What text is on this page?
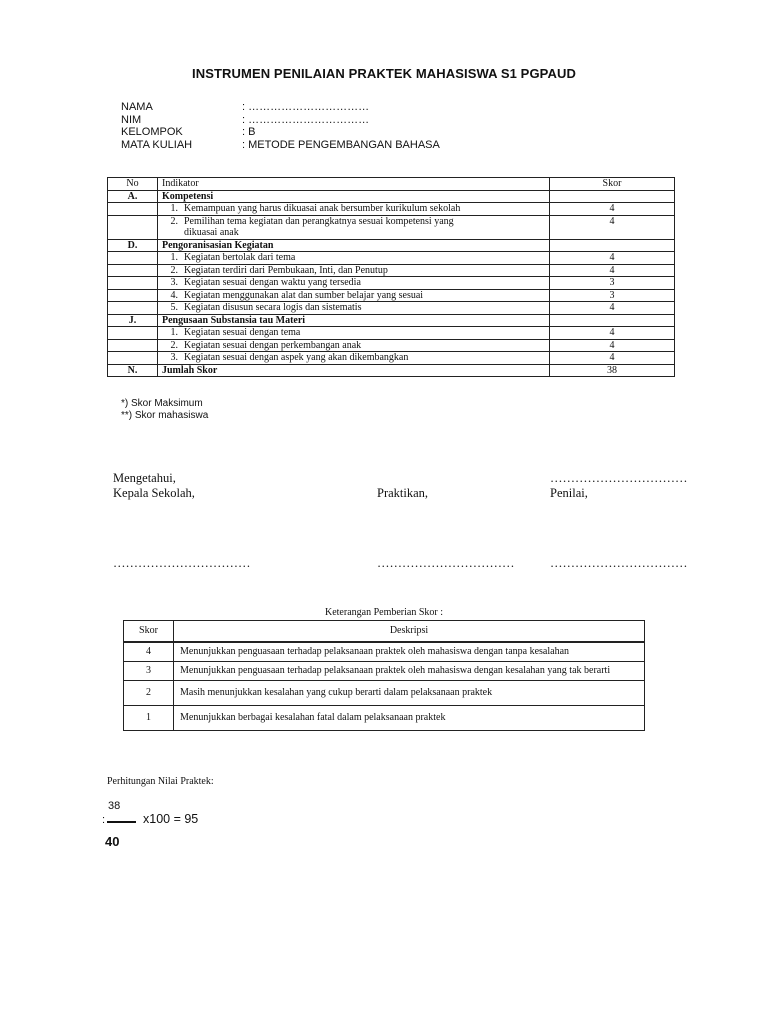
INSTRUMEN PENILAIAN PRAKTEK MAHASISWA S1 PGPAUD
NAMA	: ……………………………
NIM	: ……………………………
KELOMPOK	: B
MATA KULIAH	: METODE PENGEMBANGAN BAHASA
No	Indikator	Skor
A.	Kompetensi	
	1. Kemampuan yang harus dikuasai anak bersumber kurikulum sekolah	4

	2. Pemilihan tema kegiatan dan perangkatnya sesuai kompetensi yang dikuasai anak	4
D.	Pengoranisasian Kegiatan	
	1. Kegiatan bertolak dari tema	4
	2. Kegiatan terdiri dari Pembukaan, Inti, dan Penutup	4
	3. Kegiatan sesuai dengan waktu yang tersedia	3
	4. Kegiatan menggunakan alat dan sumber belajar yang sesuai	3
	5. Kegiatan disusun secara logis dan sistematis	4
J.	Pengusaan Substansia tau Materi	
	1. Kegiatan sesuai dengan tema	4
	2. Kegiatan sesuai dengan perkembangan anak	4
	3. Kegiatan sesuai dengan aspek yang akan dikembangkan	4
N.	Jumlah Skor	38
*) Skor Maksimum
**) Skor mahasiswa
Mengetahui,
Kepala Sekolah,	Praktikan,
……………………………
Penilai,
……………………………	……………………………	……………………………
Keterangan Pemberian Skor :
Skor	Deskripsi
4	Menunjukkan penguasaan terhadap pelaksanaan praktek oleh mahasiswa dengan tanpa kesalahan
3	Menunjukkan penguasaan terhadap pelaksanaan praktek oleh mahasiswa dengan kesalahan yang tak berarti
2	Masih menunjukkan kesalahan yang cukup berarti dalam pelaksanaan praktek
1	Menunjukkan berbagai kesalahan fatal dalam pelaksanaan praktek
Perhitungan Nilai Praktek:
38
:
40
x100 = 95
